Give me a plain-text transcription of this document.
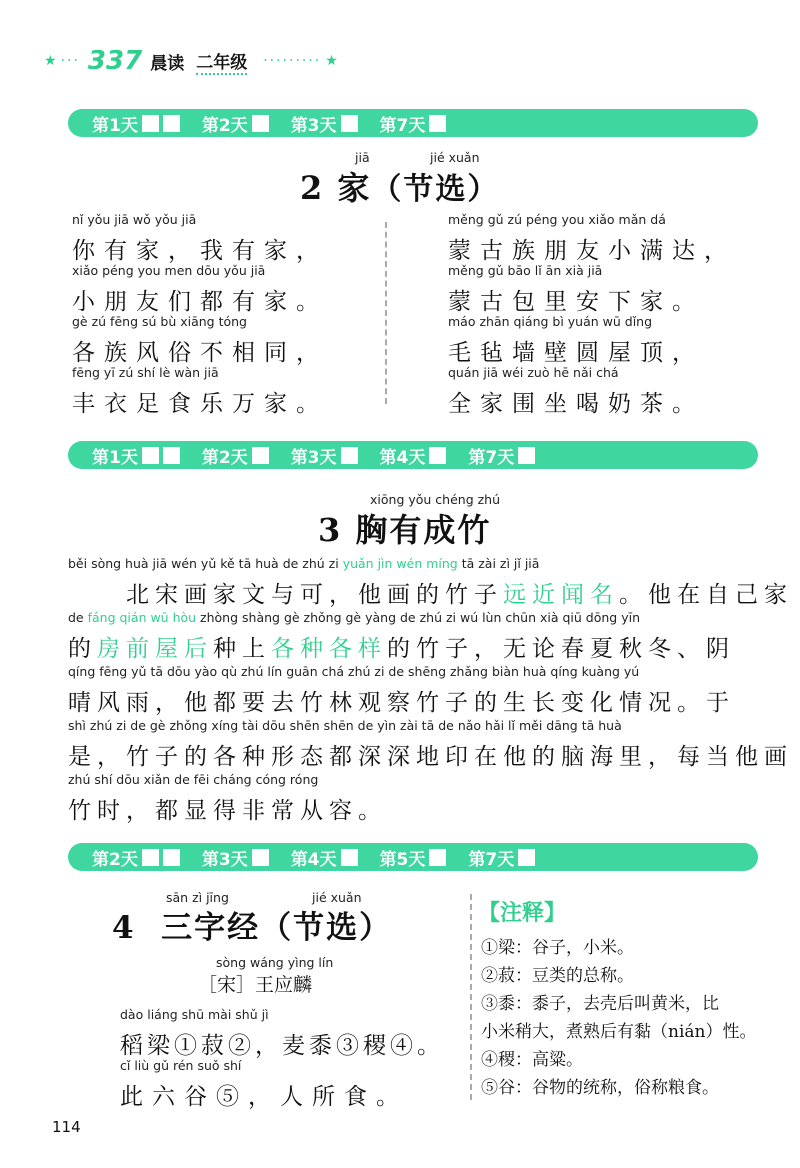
★ ··· 337 晨读 二年级 ········· ★
第1天	第2天	第3天	第7天
jiā	jié xuǎn
2 家（节选）
nǐ yǒu jiā wǒ yǒu jiā
你有家，我有家，
xiǎo péng you men dōu yǒu jiā
小朋友们都有家。
gè zú fēng sú bù xiāng tóng
各族风俗不相同，
fēng yī zú shí lè wàn jiā
丰衣足食乐万家。
měng gǔ zú péng you xiǎo mǎn dá
蒙古族朋友小满达，
měng gǔ bāo lǐ ān xià jiā
蒙古包里安下家。
máo zhān qiáng bì yuán wū dǐng
毛毡墙壁圆屋顶，
quán jiā wéi zuò hē nǎi chá
全家围坐喝奶茶。
第1天	第2天	第3天	第4天	第7天
xiōng yǒu chéng zhú
3 胸有成竹
běi sòng huà jiā wén yǔ kě tā huà de zhú zi yuǎn jìn wén míng tā zài zì jǐ jiā
　　北宋画家文与可，他画的竹子远近闻名。他在自己家
de fáng qián wū hòu zhòng shàng gè zhǒng gè yàng de zhú zi wú lùn chūn xià qiū dōng yīn
的房前屋后种上各种各样的竹子，无论春夏秋冬、阴
qíng fēng yǔ tā dōu yào qù zhú lín guān chá zhú zi de shēng zhǎng biàn huà qíng kuàng yú
晴风雨，他都要去竹林观察竹子的生长变化情况。于
shì zhú zi de gè zhǒng xíng tài dōu shēn shēn de yìn zài tā de nǎo hǎi lǐ měi dāng tā huà
是，竹子的各种形态都深深地印在他的脑海里，每当他画
zhú shí dōu xiǎn de fēi cháng cóng róng
竹时，都显得非常从容。
第2天	第3天	第4天	第5天	第7天
sān zì jīng	jié xuǎn
4 三字经（节选）
sòng wáng yìng lín
［宋］王应麟
dào liáng shū mài shǔ jì
稻梁①菽②，麦黍③稷④。
cǐ liù gǔ rén suǒ shí
此六谷⑤，人所食。
【注释】
①梁：谷子，小米。
②菽：豆类的总称。
③黍：黍子，去壳后叫黄米，比
小米稍大，煮熟后有黏（nián）性。
④稷：高粱。
⑤谷：谷物的统称，俗称粮食。
114
